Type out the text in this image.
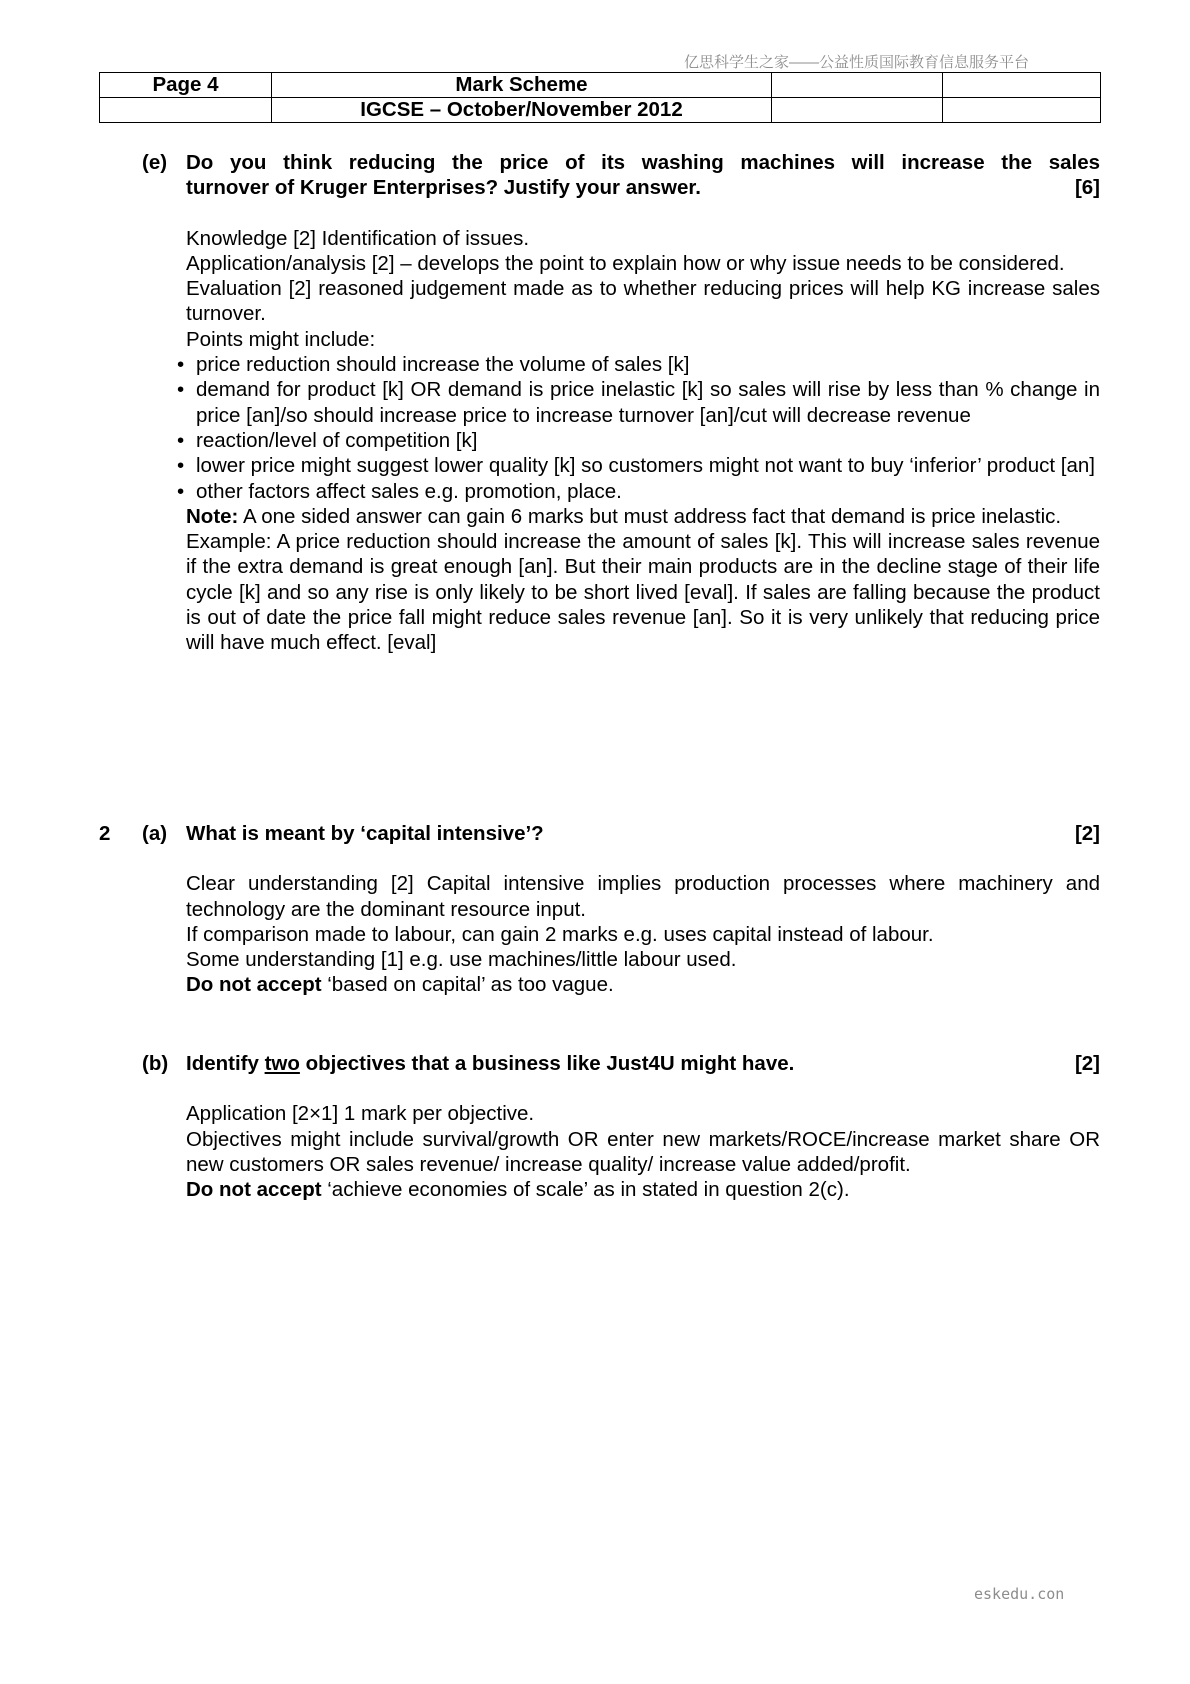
亿思科学生之家——公益性质国际教育信息服务平台
Page 4	Mark Scheme		
	IGCSE – October/November 2012		
(e) Do you think reducing the price of its washing machines will increase the sales

turnover of Kruger Enterprises? Justify your answer.	[6]

Knowledge [2] Identification of issues.

Application/analysis [2] – develops the point to explain how or why issue needs to be considered.

Evaluation [2] reasoned judgement made as to whether reducing prices will help KG increase sales turnover.

Points might include:

• price reduction should increase the volume of sales [k]
• demand for product [k] OR demand is price inelastic [k] so sales will rise by less than % change in price [an]/so should increase price to increase turnover [an]/cut will decrease revenue
• reaction/level of competition [k]
• lower price might suggest lower quality [k] so customers might not want to buy ‘inferior’ product [an]
• other factors affect sales e.g. promotion, place.

Note: A one sided answer can gain 6 marks but must address fact that demand is price inelastic.

Example: A price reduction should increase the amount of sales [k]. This will increase sales revenue if the extra demand is great enough [an]. But their main products are in the decline stage of their life cycle [k] and so any rise is only likely to be short lived [eval]. If sales are falling because the product is out of date the price fall might reduce sales revenue [an]. So it is very unlikely that reducing price will have much effect. [eval]

2 (a) What is meant by ‘capital intensive’?	[2]

Clear understanding [2] Capital intensive implies production processes where machinery and technology are the dominant resource input.

If comparison made to labour, can gain 2 marks e.g. uses capital instead of labour.

Some understanding [1] e.g. use machines/little labour used.

Do not accept ‘based on capital’ as too vague.

(b) Identify two objectives that a business like Just4U might have.	[2]

Application [2×1] 1 mark per objective.

Objectives might include survival/growth OR enter new markets/ROCE/increase market share OR new customers OR sales revenue/ increase quality/ increase value added/profit.

Do not accept ‘achieve economies of scale’ as in stated in question 2(c).

eskedu.con
